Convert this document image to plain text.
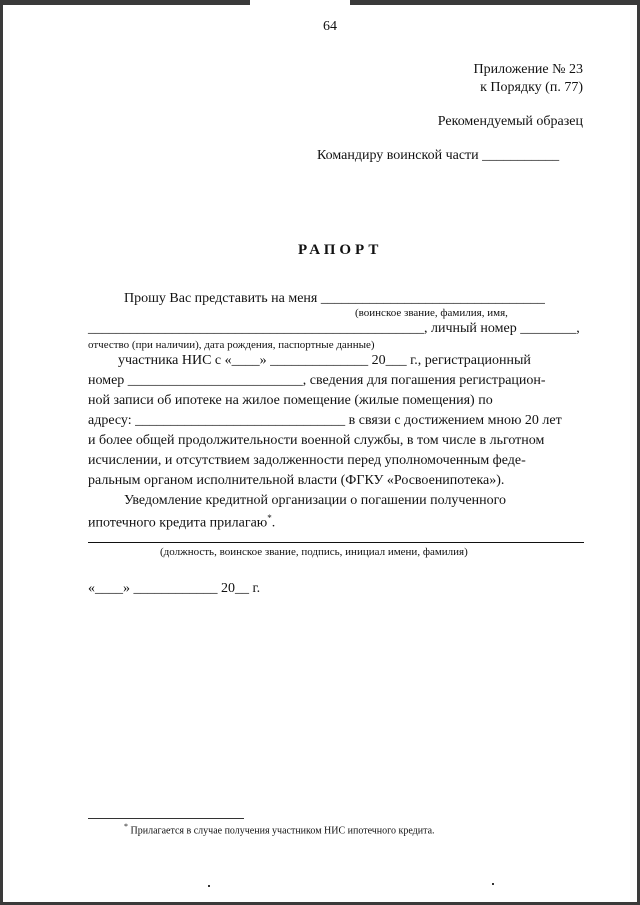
64
Приложение № 23
к Порядку (п. 77)
Рекомендуемый образец
Командиру воинской части ___________
РАПОРТ
Прошу Вас представить на меня ________________________________
(воинское звание, фамилия, имя,
________________________________________________, личный номер ________,
отчество (при наличии), дата рождения, паспортные данные)
участника НИС с «____» ______________ 20___ г., регистрационный
номер _________________________, сведения для погашения регистрацион-
ной записи об ипотеке на жилое помещение (жилые помещения) по
адресу: ______________________________ в связи с достижением мною 20 лет
и более общей продолжительности военной службы, в том числе в льготном
исчислении, и отсутствием задолженности перед уполномоченным феде-
ральным органом исполнительной власти (ФГКУ «Росвоенипотека»).
Уведомление кредитной организации о погашении полученного
ипотечного кредита прилагаю*.
(должность, воинское звание, подпись, инициал имени, фамилия)
«____» ____________ 20__ г.
* Прилагается в случае получения участником НИС ипотечного кредита.
